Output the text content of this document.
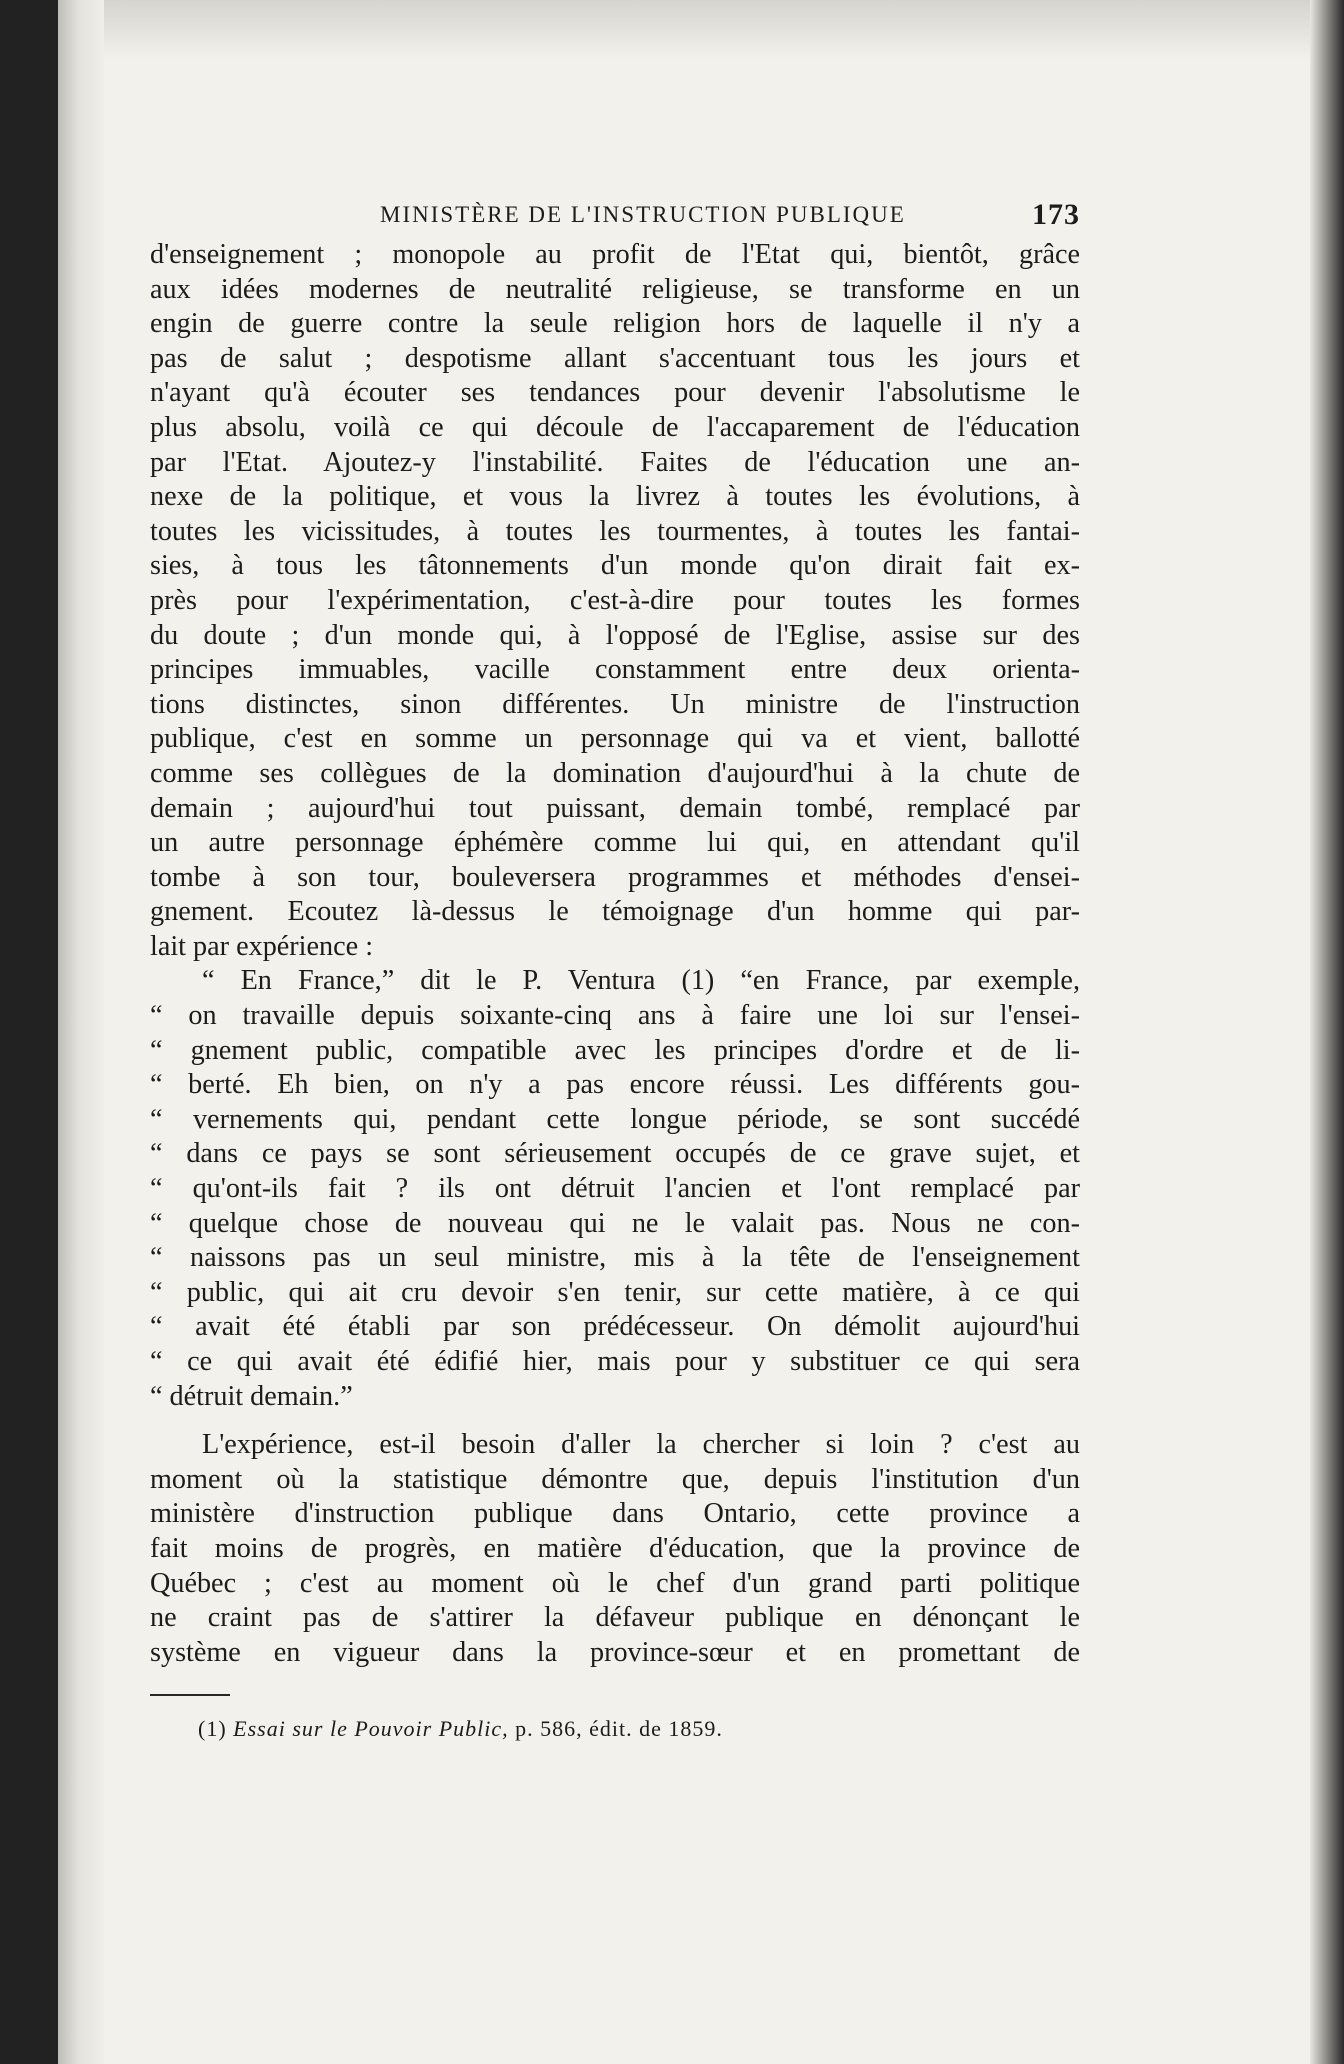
MINISTÈRE DE L'INSTRUCTION PUBLIQUE	173

d'enseignement ; monopole au profit de l'Etat qui, bientôt, grâce
aux idées modernes de neutralité religieuse, se transforme en un
engin de guerre contre la seule religion hors de laquelle il n'y a
pas de salut ; despotisme allant s'accentuant tous les jours et
n'ayant qu'à écouter ses tendances pour devenir l'absolutisme le
plus absolu, voilà ce qui découle de l'accaparement de l'éducation
par l'Etat. Ajoutez-y l'instabilité. Faites de l'éducation une an-
nexe de la politique, et vous la livrez à toutes les évolutions, à
toutes les vicissitudes, à toutes les tourmentes, à toutes les fantai-
sies, à tous les tâtonnements d'un monde qu'on dirait fait ex-
près pour l'expérimentation, c'est-à-dire pour toutes les formes
du doute ; d'un monde qui, à l'opposé de l'Eglise, assise sur des
principes immuables, vacille constamment entre deux orienta-
tions distinctes, sinon différentes. Un ministre de l'instruction
publique, c'est en somme un personnage qui va et vient, ballotté
comme ses collègues de la domination d'aujourd'hui à la chute de
demain ; aujourd'hui tout puissant, demain tombé, remplacé par
un autre personnage éphémère comme lui qui, en attendant qu'il
tombe à son tour, bouleversera programmes et méthodes d'ensei-
gnement. Ecoutez là-dessus le témoignage d'un homme qui par-
lait par expérience :

“ En France,” dit le P. Ventura (1) “en France, par exemple,
“ on travaille depuis soixante-cinq ans à faire une loi sur l'ensei-
“ gnement public, compatible avec les principes d'ordre et de li-
“ berté. Eh bien, on n'y a pas encore réussi. Les différents gou-
“ vernements qui, pendant cette longue période, se sont succédé
“ dans ce pays se sont sérieusement occupés de ce grave sujet, et
“ qu'ont-ils fait ? ils ont détruit l'ancien et l'ont remplacé par
“ quelque chose de nouveau qui ne le valait pas. Nous ne con-
“ naissons pas un seul ministre, mis à la tête de l'enseignement
“ public, qui ait cru devoir s'en tenir, sur cette matière, à ce qui
“ avait été établi par son prédécesseur. On démolit aujourd'hui
“ ce qui avait été édifié hier, mais pour y substituer ce qui sera
“ détruit demain.”

L'expérience, est-il besoin d'aller la chercher si loin ? c'est au
moment où la statistique démontre que, depuis l'institution d'un
ministère d'instruction publique dans Ontario, cette province a
fait moins de progrès, en matière d'éducation, que la province de
Québec ; c'est au moment où le chef d'un grand parti politique
ne craint pas de s'attirer la défaveur publique en dénonçant le
système en vigueur dans la province-sœur et en promettant de

(1) Essai sur le Pouvoir Public, p. 586, édit. de 1859.
